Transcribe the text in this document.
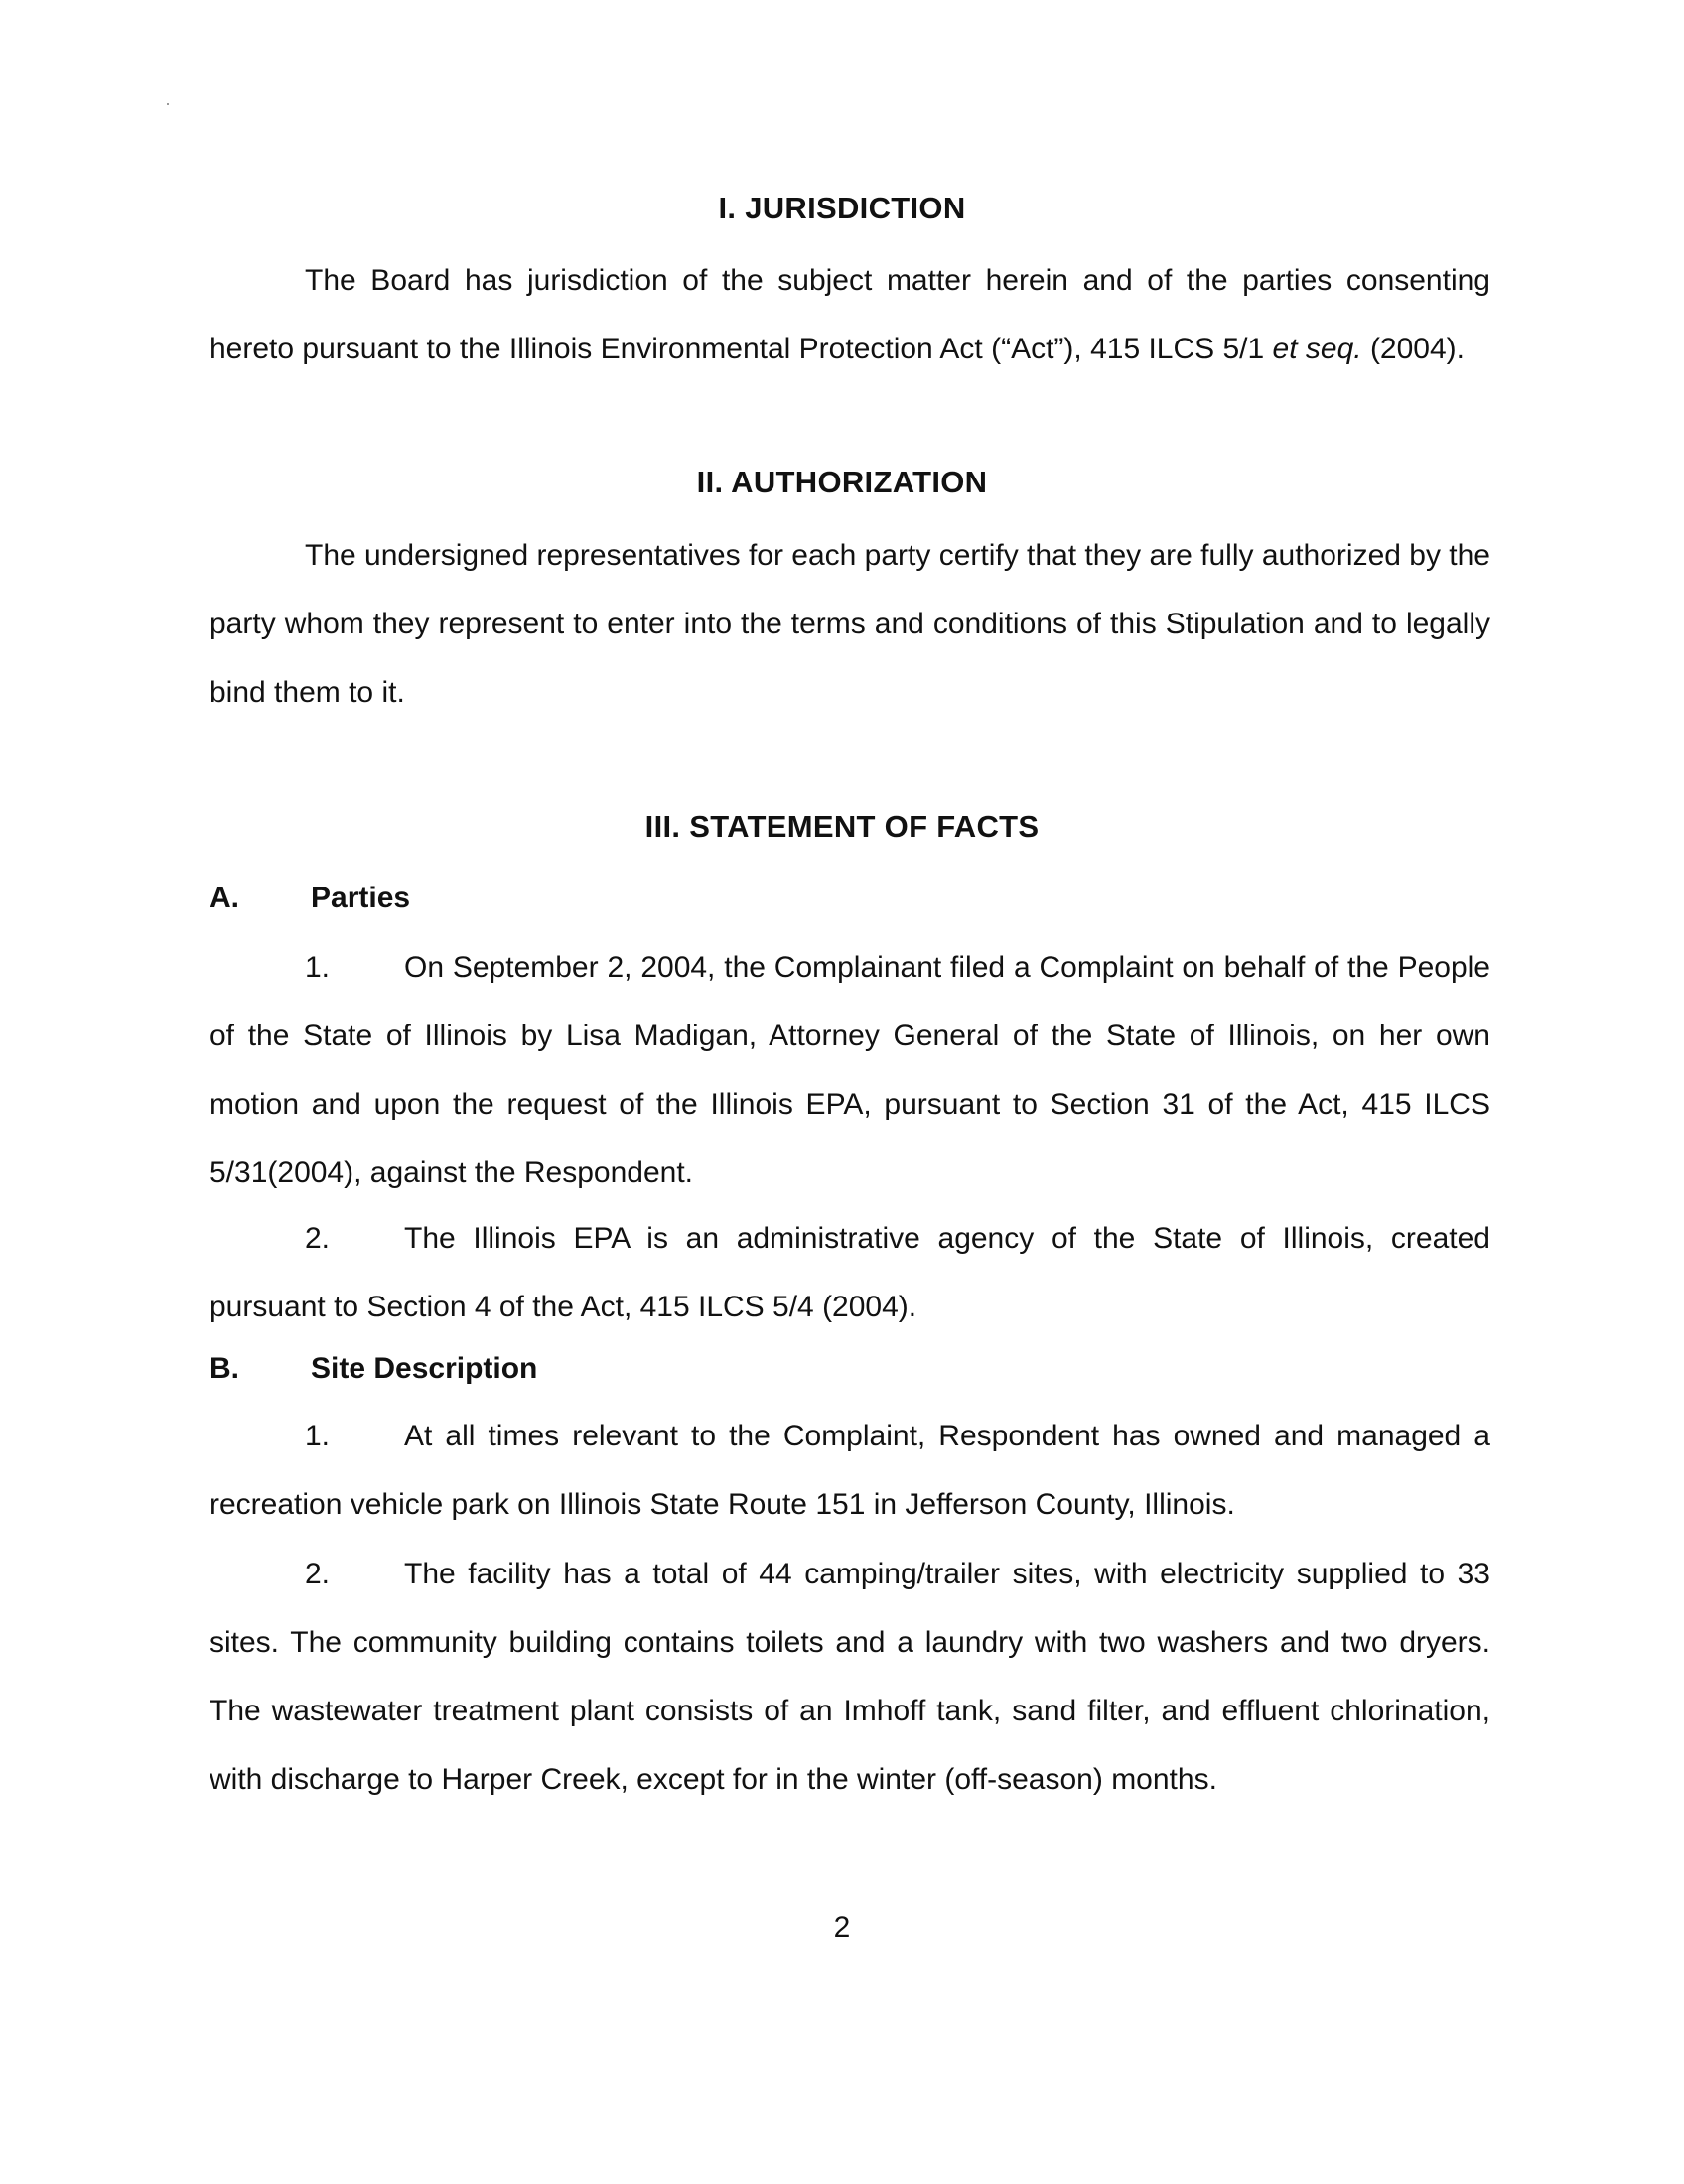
I. JURISDICTION
The Board has jurisdiction of the subject matter herein and of the parties consenting hereto pursuant to the Illinois Environmental Protection Act (“Act”), 415 ILCS 5/1 et seq. (2004).
II. AUTHORIZATION
The undersigned representatives for each party certify that they are fully authorized by the party whom they represent to enter into the terms and conditions of this Stipulation and to legally bind them to it.
III. STATEMENT OF FACTS
A. Parties
1. On September 2, 2004, the Complainant filed a Complaint on behalf of the People of the State of Illinois by Lisa Madigan, Attorney General of the State of Illinois, on her own motion and upon the request of the Illinois EPA, pursuant to Section 31 of the Act, 415 ILCS 5/31(2004), against the Respondent.
2. The Illinois EPA is an administrative agency of the State of Illinois, created pursuant to Section 4 of the Act, 415 ILCS 5/4 (2004).
B. Site Description
1. At all times relevant to the Complaint, Respondent has owned and managed a recreation vehicle park on Illinois State Route 151 in Jefferson County, Illinois.
2. The facility has a total of 44 camping/trailer sites, with electricity supplied to 33 sites. The community building contains toilets and a laundry with two washers and two dryers. The wastewater treatment plant consists of an Imhoff tank, sand filter, and effluent chlorination, with discharge to Harper Creek, except for in the winter (off-season) months.
2
